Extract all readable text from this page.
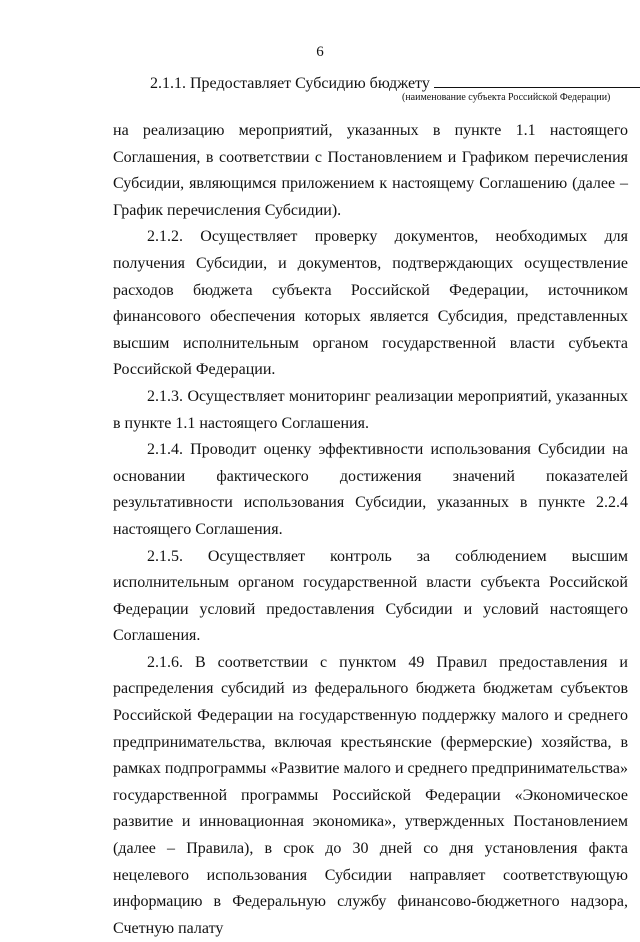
6
2.1.1. Предоставляет Субсидию бюджету
(наименование субъекта Российской Федерации)

на реализацию мероприятий, указанных в пункте 1.1 настоящего Соглашения, в соответствии с Постановлением и Графиком перечисления Субсидии, являющимся приложением к настоящему Соглашению (далее – График перечисления Субсидии).

2.1.2. Осуществляет проверку документов, необходимых для получения Субсидии, и документов, подтверждающих осуществление расходов бюджета субъекта Российской Федерации, источником финансового обеспечения которых является Субсидия, представленных высшим исполнительным органом государственной власти субъекта Российской Федерации.

2.1.3. Осуществляет мониторинг реализации мероприятий, указанных в пункте 1.1 настоящего Соглашения.

2.1.4. Проводит оценку эффективности использования Субсидии на основании фактического достижения значений показателей результативности использования Субсидии, указанных в пункте 2.2.4 настоящего Соглашения.

2.1.5. Осуществляет контроль за соблюдением высшим исполнительным органом государственной власти субъекта Российской Федерации условий предоставления Субсидии и условий настоящего Соглашения.

2.1.6. В соответствии с пунктом 49 Правил предоставления и распределения субсидий из федерального бюджета бюджетам субъектов Российской Федерации на государственную поддержку малого и среднего предпринимательства, включая крестьянские (фермерские) хозяйства, в рамках подпрограммы «Развитие малого и среднего предпринимательства» государственной программы Российской Федерации «Экономическое развитие и инновационная экономика», утвержденных Постановлением (далее – Правила), в срок до 30 дней со дня установления факта нецелевого использования Субсидии направляет соответствующую информацию в Федеральную службу финансово-бюджетного надзора, Счетную палату
